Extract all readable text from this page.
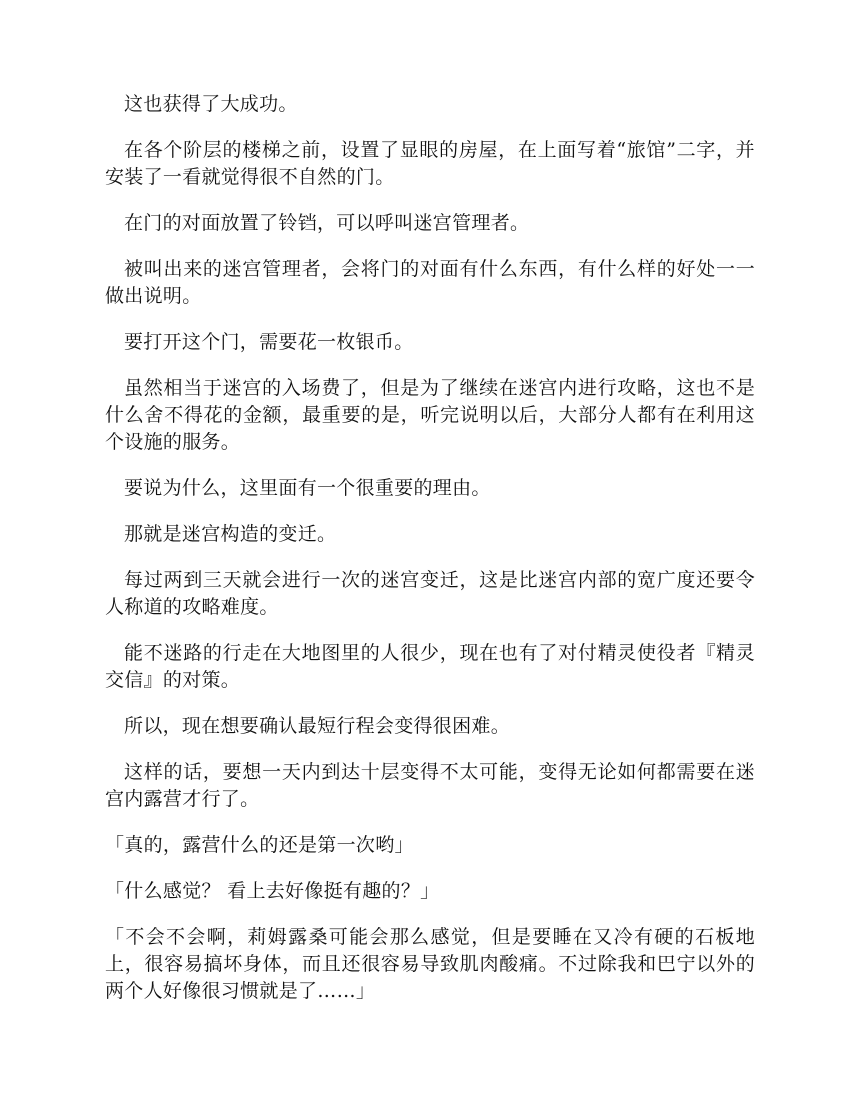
这也获得了大成功。

在各个阶层的楼梯之前，设置了显眼的房屋，在上面写着“旅馆”二字，并安装了一看就觉得很不自然的门。

在门的对面放置了铃铛，可以呼叫迷宫管理者。

被叫出来的迷宫管理者，会将门的对面有什么东西，有什么样的好处一一做出说明。

要打开这个门，需要花一枚银币。

虽然相当于迷宫的入场费了，但是为了继续在迷宫内进行攻略，这也不是什么舍不得花的金额，最重要的是，听完说明以后，大部分人都有在利用这个设施的服务。

要说为什么，这里面有一个很重要的理由。

那就是迷宫构造的变迁。

每过两到三天就会进行一次的迷宫变迁，这是比迷宫内部的宽广度还要令人称道的攻略难度。

能不迷路的行走在大地图里的人很少，现在也有了对付精灵使役者『精灵交信』的对策。

所以，现在想要确认最短行程会变得很困难。

这样的话，要想一天内到达十层变得不太可能，变得无论如何都需要在迷宫内露营才行了。

「真的，露营什么的还是第一次哟」

「什么感觉？ 看上去好像挺有趣的？」

「不会不会啊，莉姆露桑可能会那么感觉，但是要睡在又冷有硬的石板地上，很容易搞坏身体，而且还很容易导致肌肉酸痛。不过除我和巴宁以外的两个人好像很习惯就是了……」
